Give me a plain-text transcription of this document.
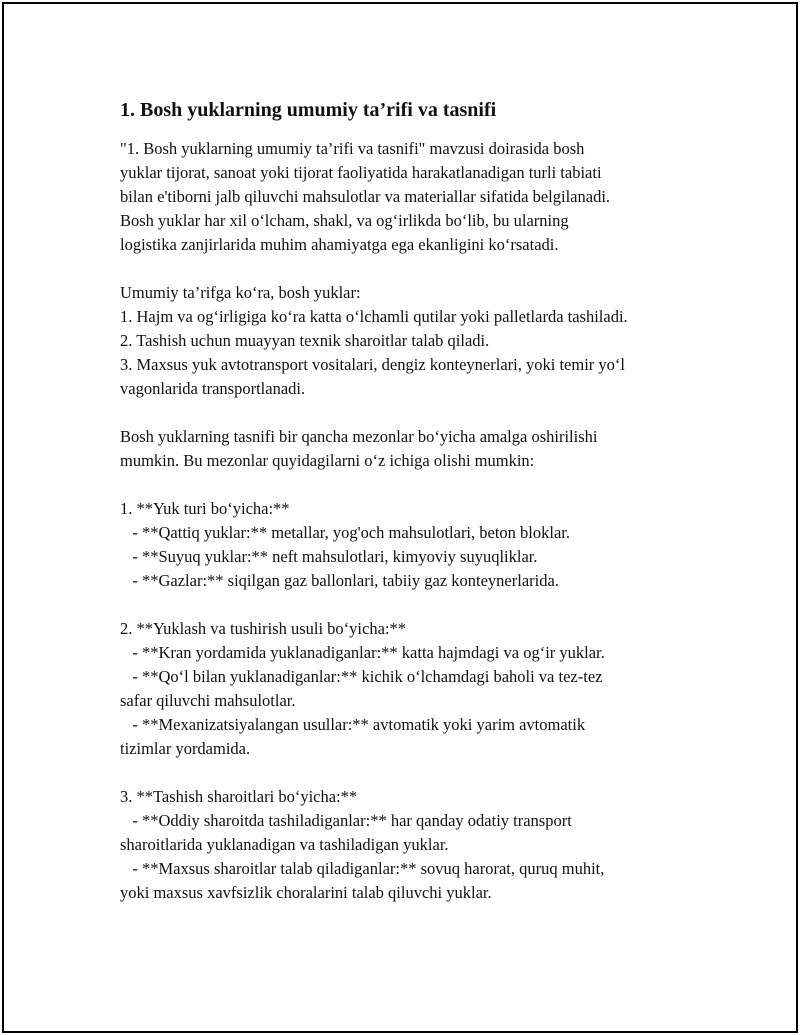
1. Bosh yuklarning umumiy ta’rifi va tasnifi

"1. Bosh yuklarning umumiy ta’rifi va tasnifi" mavzusi doirasida bosh

yuklar tijorat, sanoat yoki tijorat faoliyatida harakatlanadigan turli tabiati

bilan e'tiborni jalb qiluvchi mahsulotlar va materiallar sifatida belgilanadi.

Bosh yuklar har xil o‘lcham, shakl, va og‘irlikda bo‘lib, bu ularning

logistika zanjirlarida muhim ahamiyatga ega ekanligini ko‘rsatadi.

Umumiy ta’rifga ko‘ra, bosh yuklar:

1. Hajm va og‘irligiga ko‘ra katta o‘lchamli qutilar yoki palletlarda tashiladi.

2. Tashish uchun muayyan texnik sharoitlar talab qiladi.

3. Maxsus yuk avtotransport vositalari, dengiz konteynerlari, yoki temir yo‘l

vagonlarida transportlanadi.

Bosh yuklarning tasnifi bir qancha mezonlar bo‘yicha amalga oshirilishi

mumkin. Bu mezonlar quyidagilarni o‘z ichiga olishi mumkin:

1. **Yuk turi bo‘yicha:**

- **Qattiq yuklar:** metallar, yog'och mahsulotlari, beton bloklar.

- **Suyuq yuklar:** neft mahsulotlari, kimyoviy suyuqliklar.

- **Gazlar:** siqilgan gaz ballonlari, tabiiy gaz konteynerlarida.

2. **Yuklash va tushirish usuli bo‘yicha:**

- **Kran yordamida yuklanadiganlar:** katta hajmdagi va og‘ir yuklar.

- **Qo‘l bilan yuklanadiganlar:** kichik o‘lchamdagi baholi va tez-tez

safar qiluvchi mahsulotlar.

- **Mexanizatsiyalangan usullar:** avtomatik yoki yarim avtomatik

tizimlar yordamida.

3. **Tashish sharoitlari bo‘yicha:**

- **Oddiy sharoitda tashiladiganlar:** har qanday odatiy transport

sharoitlarida yuklanadigan va tashiladigan yuklar.

- **Maxsus sharoitlar talab qiladiganlar:** sovuq harorat, quruq muhit,

yoki maxsus xavfsizlik choralarini talab qiluvchi yuklar.
